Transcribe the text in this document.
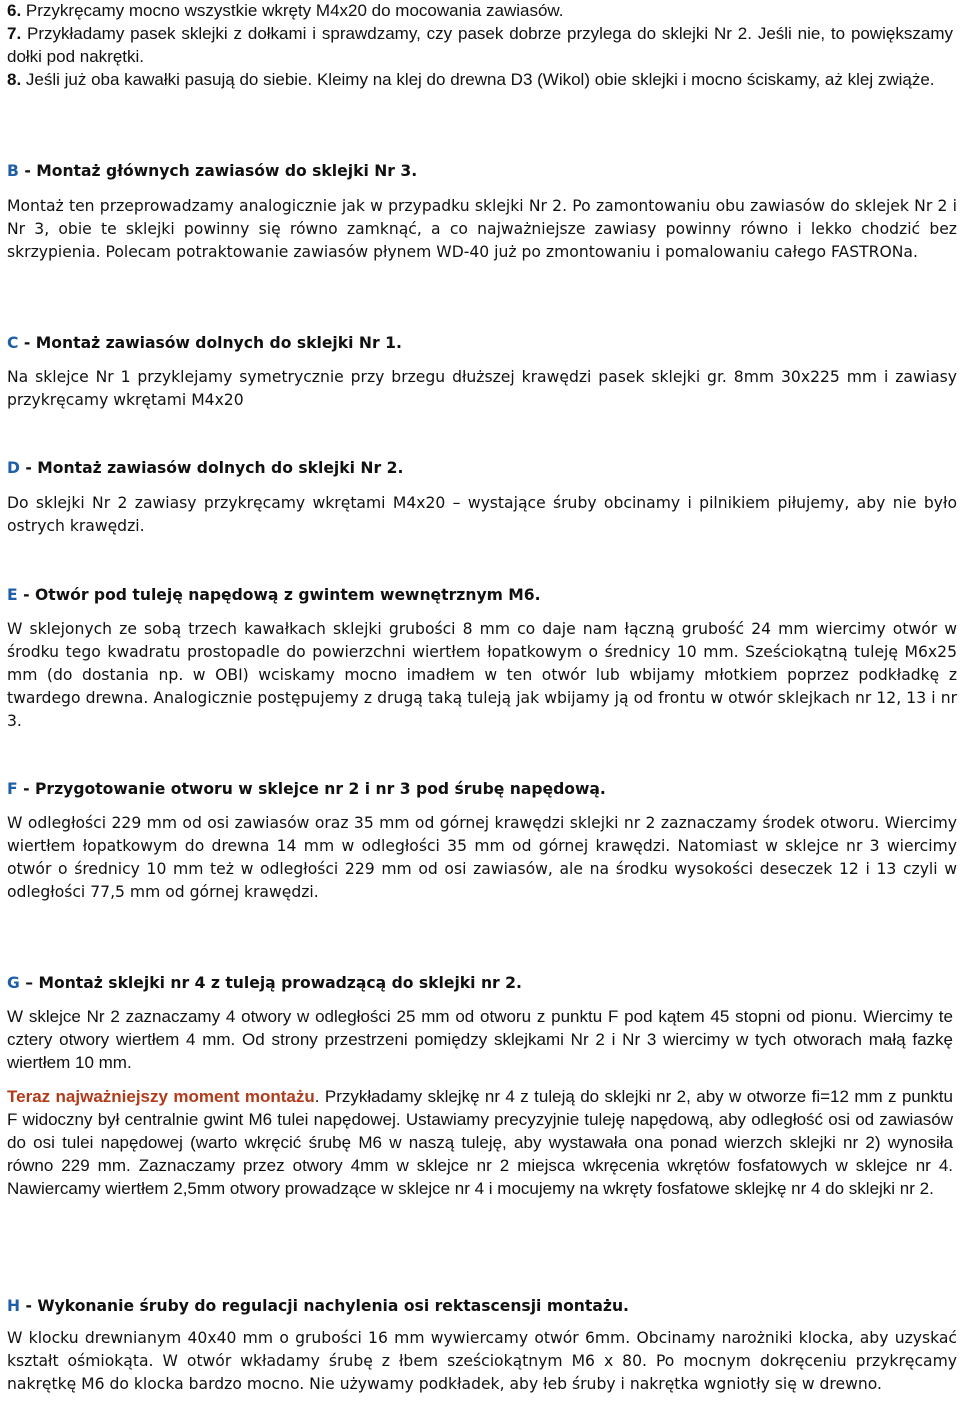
6. Przykręcamy mocno wszystkie wkręty M4x20 do mocowania zawiasów.

7. Przykładamy pasek sklejki z dołkami i sprawdzamy, czy pasek dobrze przylega do sklejki Nr 2. Jeśli nie, to powiększamy dołki pod nakrętki.

8. Jeśli już oba kawałki pasują do siebie. Kleimy na klej do drewna D3 (Wikol) obie sklejki i mocno ściskamy, aż klej zwiąże.

B - Montaż głównych zawiasów do sklejki Nr 3.

Montaż ten przeprowadzamy analogicznie jak w przypadku sklejki Nr 2. Po zamontowaniu obu zawiasów do sklejek Nr 2 i Nr 3, obie te sklejki powinny się równo zamknąć, a co najważniejsze zawiasy powinny równo i lekko chodzić bez skrzypienia. Polecam potraktowanie zawiasów płynem WD-40 już po zmontowaniu i pomalowaniu całego FASTRONa.

C - Montaż zawiasów dolnych do sklejki Nr 1.

Na sklejce Nr 1 przyklejamy symetrycznie przy brzegu dłuższej krawędzi pasek sklejki gr. 8mm 30x225 mm i zawiasy przykręcamy wkrętami M4x20

D - Montaż zawiasów dolnych do sklejki Nr 2.

Do sklejki Nr 2 zawiasy przykręcamy wkrętami M4x20 – wystające śruby obcinamy i pilnikiem piłujemy, aby nie było ostrych krawędzi.

E - Otwór pod tuleję napędową z gwintem wewnętrznym M6.

W sklejonych ze sobą trzech kawałkach sklejki grubości 8 mm co daje nam łączną grubość 24 mm wiercimy otwór w środku tego kwadratu prostopadle do powierzchni wiertłem łopatkowym o średnicy 10 mm. Sześciokątną tuleję M6x25 mm (do dostania np. w OBI) wciskamy mocno imadłem w ten otwór lub wbijamy młotkiem poprzez podkładkę z twardego drewna. Analogicznie postępujemy z drugą taką tuleją jak wbijamy ją od frontu w otwór sklejkach nr 12, 13 i nr 3.

F - Przygotowanie otworu w sklejce nr 2 i nr 3 pod śrubę napędową.

W odległości 229 mm od osi zawiasów oraz 35 mm od górnej krawędzi sklejki nr 2 zaznaczamy środek otworu. Wiercimy wiertłem łopatkowym do drewna 14 mm w odległości 35 mm od górnej krawędzi. Natomiast w sklejce nr 3 wiercimy otwór o średnicy 10 mm też w odległości 229 mm od osi zawiasów, ale na środku wysokości deseczek 12 i 13 czyli w odległości 77,5 mm od górnej krawędzi.

G – Montaż sklejki nr 4 z tuleją prowadzącą do sklejki nr 2.

W sklejce Nr 2 zaznaczamy 4 otwory w odległości 25 mm od otworu z punktu F pod kątem 45 stopni od pionu. Wiercimy te cztery otwory wiertłem 4 mm. Od strony przestrzeni pomiędzy sklejkami Nr 2 i Nr 3 wiercimy w tych otworach małą fazkę wiertłem 10 mm.

Teraz najważniejszy moment montażu. Przykładamy sklejkę nr 4 z tuleją do sklejki nr 2, aby w otworze fi=12 mm z punktu F widoczny był centralnie gwint M6 tulei napędowej. Ustawiamy precyzyjnie tuleję napędową, aby odległość osi od zawiasów do osi tulei napędowej (warto wkręcić śrubę M6 w naszą tuleję, aby wystawała ona ponad wierzch sklejki nr 2) wynosiła równo 229 mm. Zaznaczamy przez otwory 4mm w sklejce nr 2 miejsca wkręcenia wkrętów fosfatowych w sklejce nr 4. Nawiercamy wiertłem 2,5mm otwory prowadzące w sklejce nr 4 i mocujemy na wkręty fosfatowe sklejkę nr 4 do sklejki nr 2.

H - Wykonanie śruby do regulacji nachylenia osi rektascensji montażu.

W klocku drewnianym 40x40 mm o grubości 16 mm wywiercamy otwór 6mm. Obcinamy narożniki klocka, aby uzyskać kształt ośmiokąta. W otwór wkładamy śrubę z łbem sześciokątnym M6 x 80. Po mocnym dokręceniu przykręcamy nakrętkę M6 do klocka bardzo mocno. Nie używamy podkładek, aby łeb śruby i nakrętka wgniotły się w drewno.
